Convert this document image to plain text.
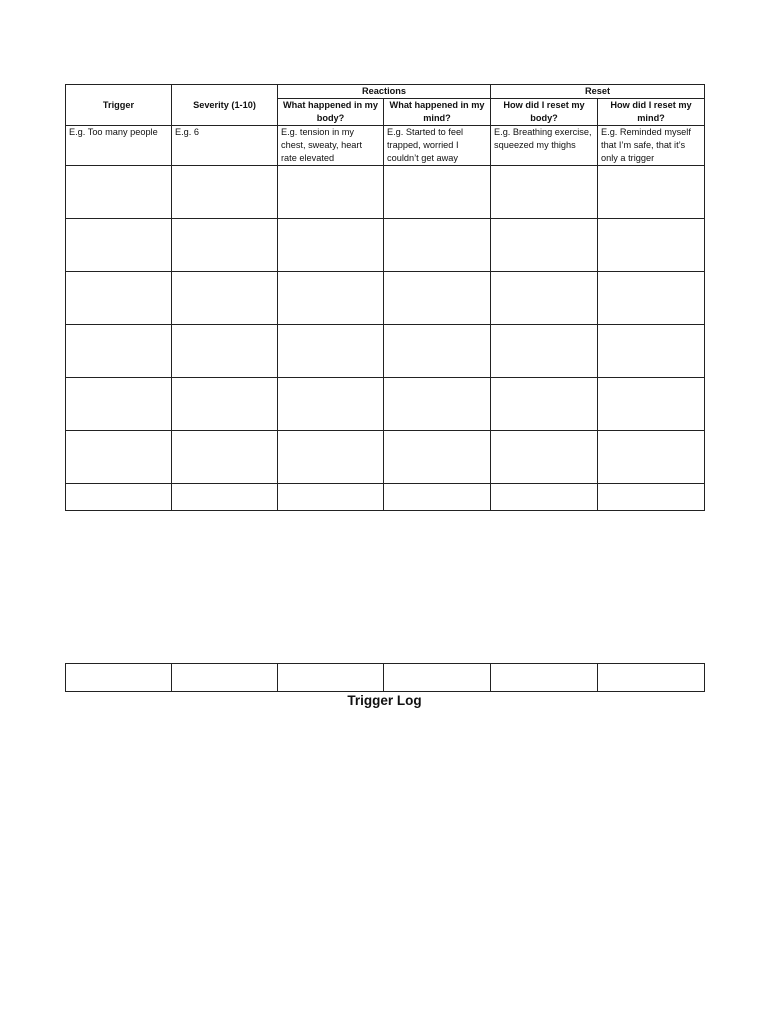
Trigger	Severity (1-10)	Reactions		Reset	
		What happened in my body?	What happened in my mind?	How did I reset my body?	How did I reset my mind?
E.g. Too many people	E.g. 6	E.g. tension in my chest, sweaty, heart rate elevated	E.g. Started to feel trapped, worried I couldn’t get away	E.g. Breathing exercise, squeezed my thighs	E.g. Reminded myself that I’m safe, that it’s only a trigger

Trigger Log
